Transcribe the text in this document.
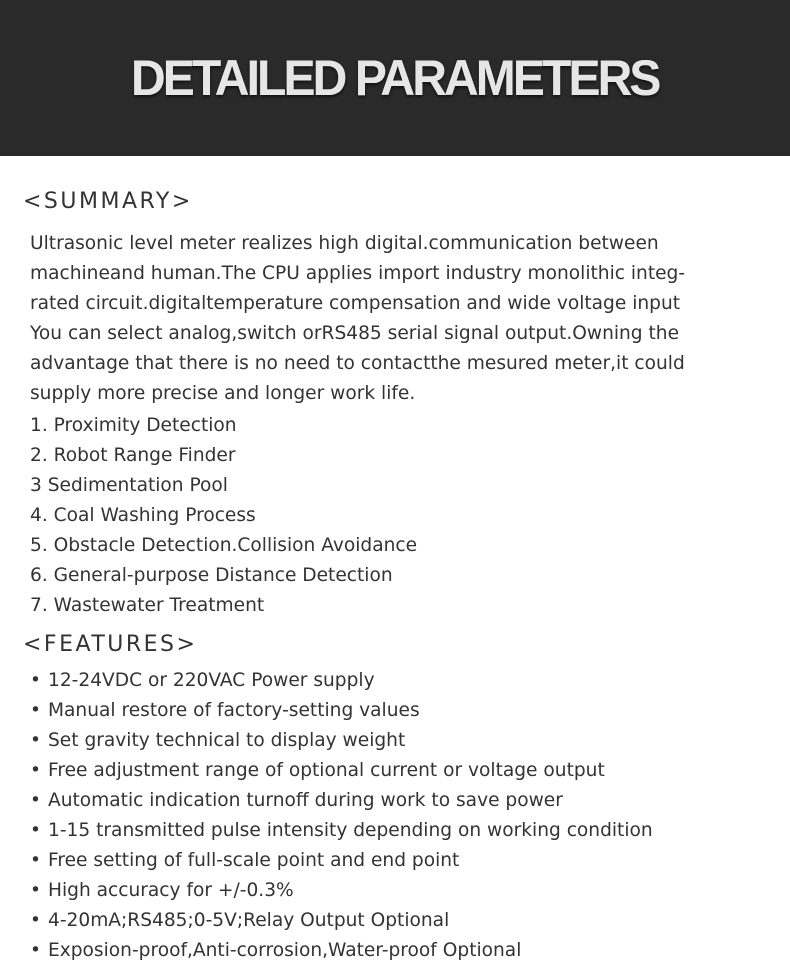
DETAILED PARAMETERS
<SUMMARY>

Ultrasonic level meter realizes high digital.communication between
machineand human.The CPU applies import industry monolithic integ-
rated circuit.digitaltemperature compensation and wide voltage input
You can select analog,switch orRS485 serial signal output.Owning the
advantage that there is no need to contactthe mesured meter,it could
supply more precise and longer work life.

1. Proximity Detection
2. Robot Range Finder
3 Sedimentation Pool
4. Coal Washing Process
5. Obstacle Detection.Collision Avoidance
6. General-purpose Distance Detection
7. Wastewater Treatment
<FEATURES>
• 12-24VDC or 220VAC Power supply
• Manual restore of factory-setting values
• Set gravity technical to display weight
• Free adjustment range of optional current or voltage output
• Automatic indication turnoff during work to save power
• 1-15 transmitted pulse intensity depending on working condition
• Free setting of full-scale point and end point
• High accuracy for +/-0.3%
• 4-20mA;RS485;0-5V;Relay Output Optional
• Exposion-proof,Anti-corrosion,Water-proof Optional
